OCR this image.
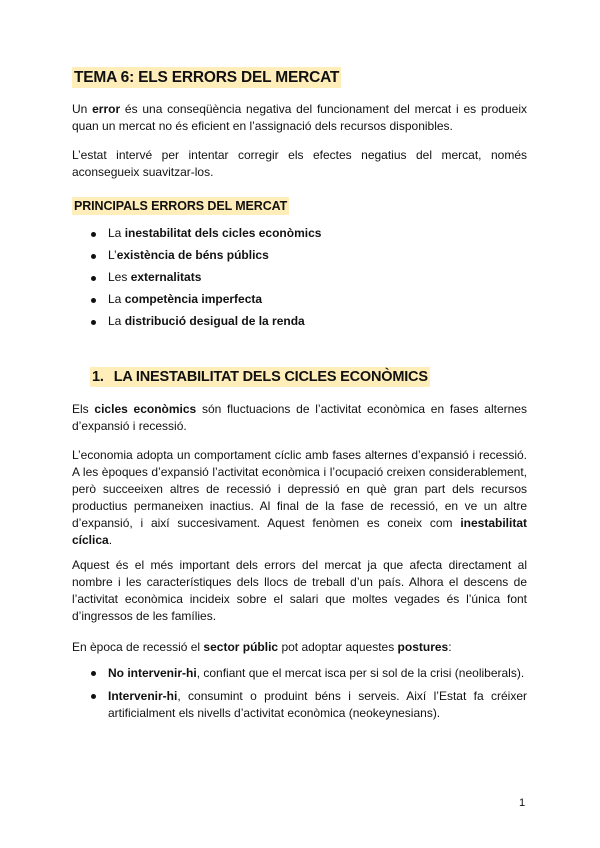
TEMA 6: ELS ERRORS DEL MERCAT

Un error és una conseqüència negativa del funcionament del mercat i es produeix quan un mercat no és eficient en l’assignació dels recursos disponibles.

L’estat intervé per intentar corregir els efectes negatius del mercat, només aconsegueix suavitzar-los.

PRINCIPALS ERRORS DEL MERCAT
La inestabilitat dels cicles econòmics
L’existència de béns públics
Les externalitats
La competència imperfecta
La distribució desigual de la renda
1. LA INESTABILITAT DELS CICLES ECONÒMICS

Els cicles econòmics són fluctuacions de l’activitat econòmica en fases alternes d’expansió i recessió.

L’economia adopta un comportament cíclic amb fases alternes d’expansió i recessió. A les èpoques d’expansió l’activitat econòmica i l’ocupació creixen considerablement, però succeeixen altres de recessió i depressió en què gran part dels recursos productius permaneixen inactius. Al final de la fase de recessió, en ve un altre d’expansió, i així succesivament. Aquest fenòmen es coneix com inestabilitat cíclica.

Aquest és el més important dels errors del mercat ja que afecta directament al nombre i les característiques dels llocs de treball d’un país. Alhora el descens de l’activitat econòmica incideix sobre el salari que moltes vegades és l’única font d’ingressos de les famílies.

En època de recessió el sector públic pot adoptar aquestes postures:

No intervenir-hi, confiant que el mercat isca per si sol de la crisi (neoliberals).
Intervenir-hi, consumint o produint béns i serveis. Així l’Estat fa créixer artificialment els nivells d’activitat econòmica (neokeynesians).
1
